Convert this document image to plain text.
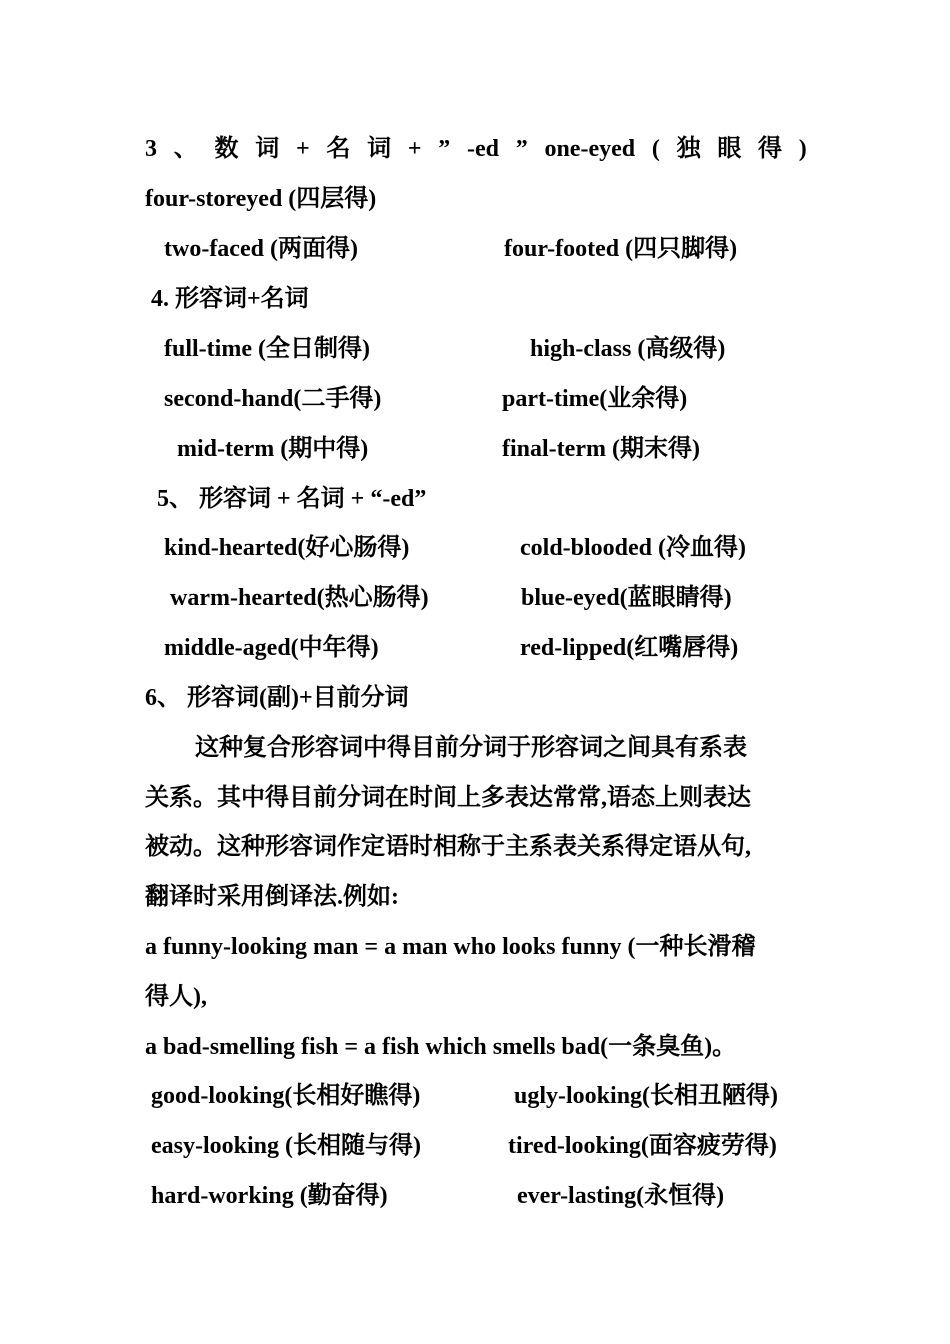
3 、 数 词 + 名 词 + ” -ed ” one-eyed ( 独 眼 得 )
four-storeyed (四层得)
two-faced (两面得)	four-footed (四只脚得)
4. 形容词+名词
full-time (全日制得)	high-class (高级得)
second-hand(二手得)	part-time(业余得)
mid-term (期中得)	final-term (期末得)
5、 形容词 + 名词 + “-ed”
kind-hearted(好心肠得)	cold-blooded (冷血得)
warm-hearted(热心肠得)	blue-eyed(蓝眼睛得)
middle-aged(中年得)	red-lipped(红嘴唇得)
6、 形容词(副)+目前分词
这种复合形容词中得目前分词于形容词之间具有系表
关系。其中得目前分词在时间上多表达常常,语态上则表达
被动。这种形容词作定语时相称于主系表关系得定语从句,
翻译时采用倒译法.例如:
a funny-looking man = a man who looks funny (一种长滑稽
得人),
a bad-smelling fish = a fish which smells bad(一条臭鱼)。
good-looking(长相好瞧得)	ugly-looking(长相丑陋得)
easy-looking (长相随与得)	tired-looking(面容疲劳得)
hard-working (勤奋得)	ever-lasting(永恒得)
